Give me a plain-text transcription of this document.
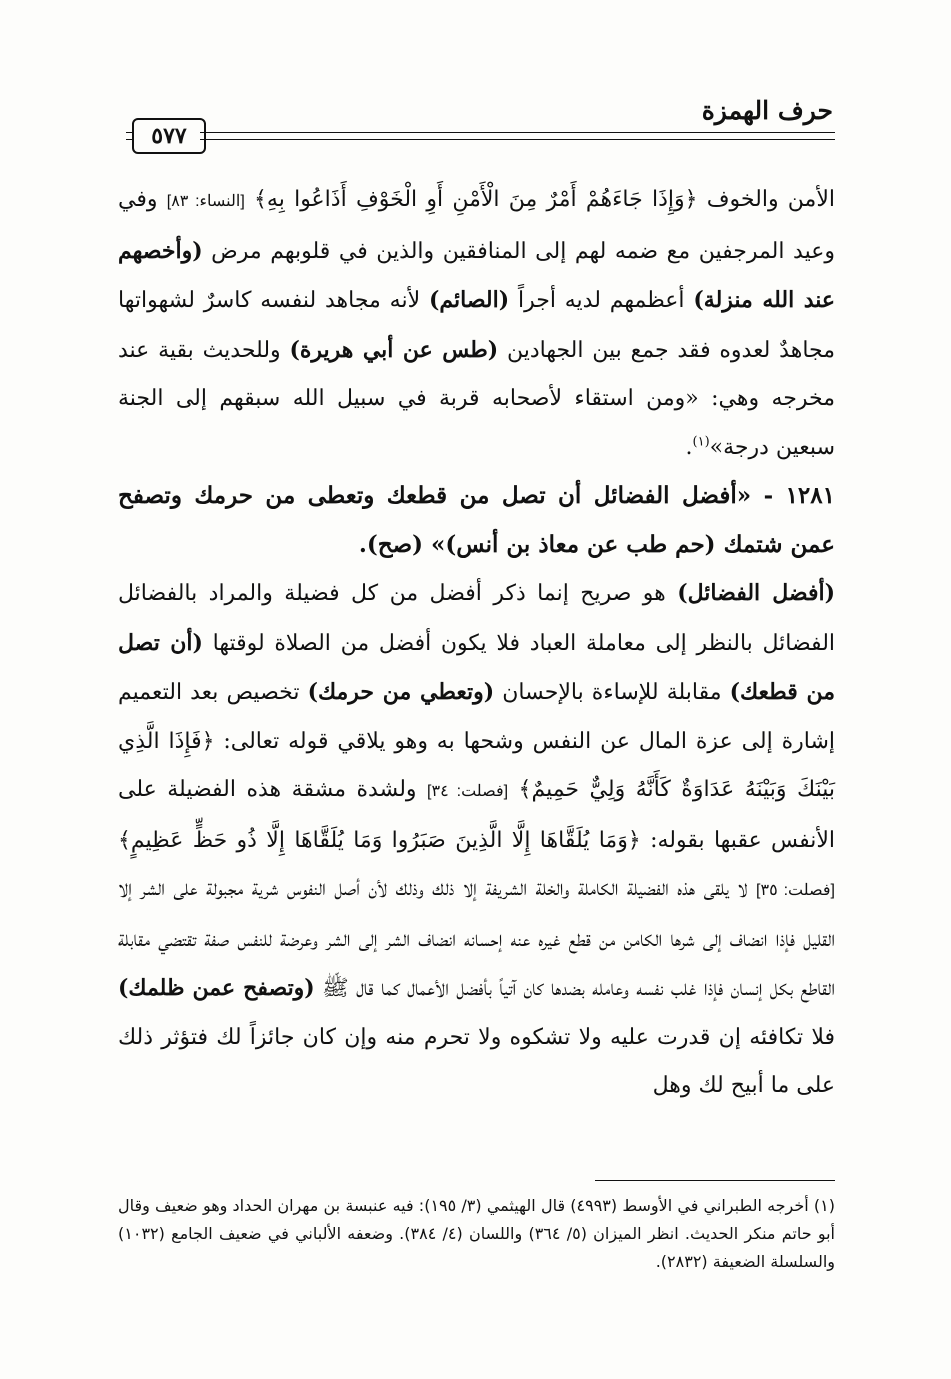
حرف الهمزة
٥٧٧

الأمن والخوف ﴿وَإِذَا جَاءَهُمْ أَمْرٌ مِنَ الْأَمْنِ أَوِ الْخَوْفِ أَذَاعُوا بِهِ﴾ [النساء: ٨٣] وفي وعيد المرجفين مع ضمه لهم إلى المنافقين والذين في قلوبهم مرض (وأخصهم عند الله منزلة) أعظمهم لديه أجراً (الصائم) لأنه مجاهد لنفسه كاسرٌ لشهواتها مجاهدٌ لعدوه فقد جمع بين الجهادين (طس عن أبي هريرة) وللحديث بقية عند مخرجه وهي: «ومن استقاء لأصحابه قربة في سبيل الله سبقهم إلى الجنة سبعين درجة»$^{(١)}$.

١٢٨١ - «أفضل الفضائل أن تصل من قطعك وتعطى من حرمك وتصفح عمن شتمك (حم طب عن معاذ بن أنس)» (صح).

(أفضل الفضائل) هو صريح إنما ذكر أفضل من كل فضيلة والمراد بالفضائل الفضائل بالنظر إلى معاملة العباد فلا يكون أفضل من الصلاة لوقتها (أن تصل من قطعك) مقابلة للإساءة بالإحسان (وتعطي من حرمك) تخصيص بعد التعميم إشارة إلى عزة المال عن النفس وشحها به وهو يلاقي قوله تعالى: ﴿فَإِذَا الَّذِي بَيْنَكَ وَبَيْنَهُ عَدَاوَةٌ كَأَنَّهُ وَلِيٌّ حَمِيمٌ﴾ [فصلت: ٣٤] ولشدة مشقة هذه الفضيلة على الأنفس عقبها بقوله: ﴿وَمَا يُلَقَّاهَا إِلَّا الَّذِينَ صَبَرُوا وَمَا يُلَقَّاهَا إِلَّا ذُو حَظٍّ عَظِيمٍ﴾ [فصلت: ٣٥] لا يلقى هذه الفضيلة الكاملة والخلة الشريفة إلا ذلك وذلك لأن أصل النفوس شرية مجبولة على الشر إلا القليل فإذا انضاف إلى شرها الكامن من قطع غيره عنه إحسانه انضاف الشر إلى الشر وعرضة للنفس صفة تقتضي مقابلة القاطع بكل إنسان فإذا غلب نفسه وعامله بضدها كان آتياً بأفضل الأعمال كما قال ﷺ (وتصفح عمن ظلمك) فلا تكافئه إن قدرت عليه ولا تشكوه ولا تحرم منه وإن كان جائزاً لك فتؤثر ذلك على ما أبيح لك وهل

(١) أخرجه الطبراني في الأوسط (٤٩٩٣) قال الهيثمي (٣/ ١٩٥): فيه عنبسة بن مهران الحداد وهو ضعيف وقال أبو حاتم منكر الحديث. انظر الميزان (٥/ ٣٦٤) واللسان (٤/ ٣٨٤). وضعفه الألباني في ضعيف الجامع (١٠٣٢) والسلسلة الضعيفة (٢٨٣٢).
